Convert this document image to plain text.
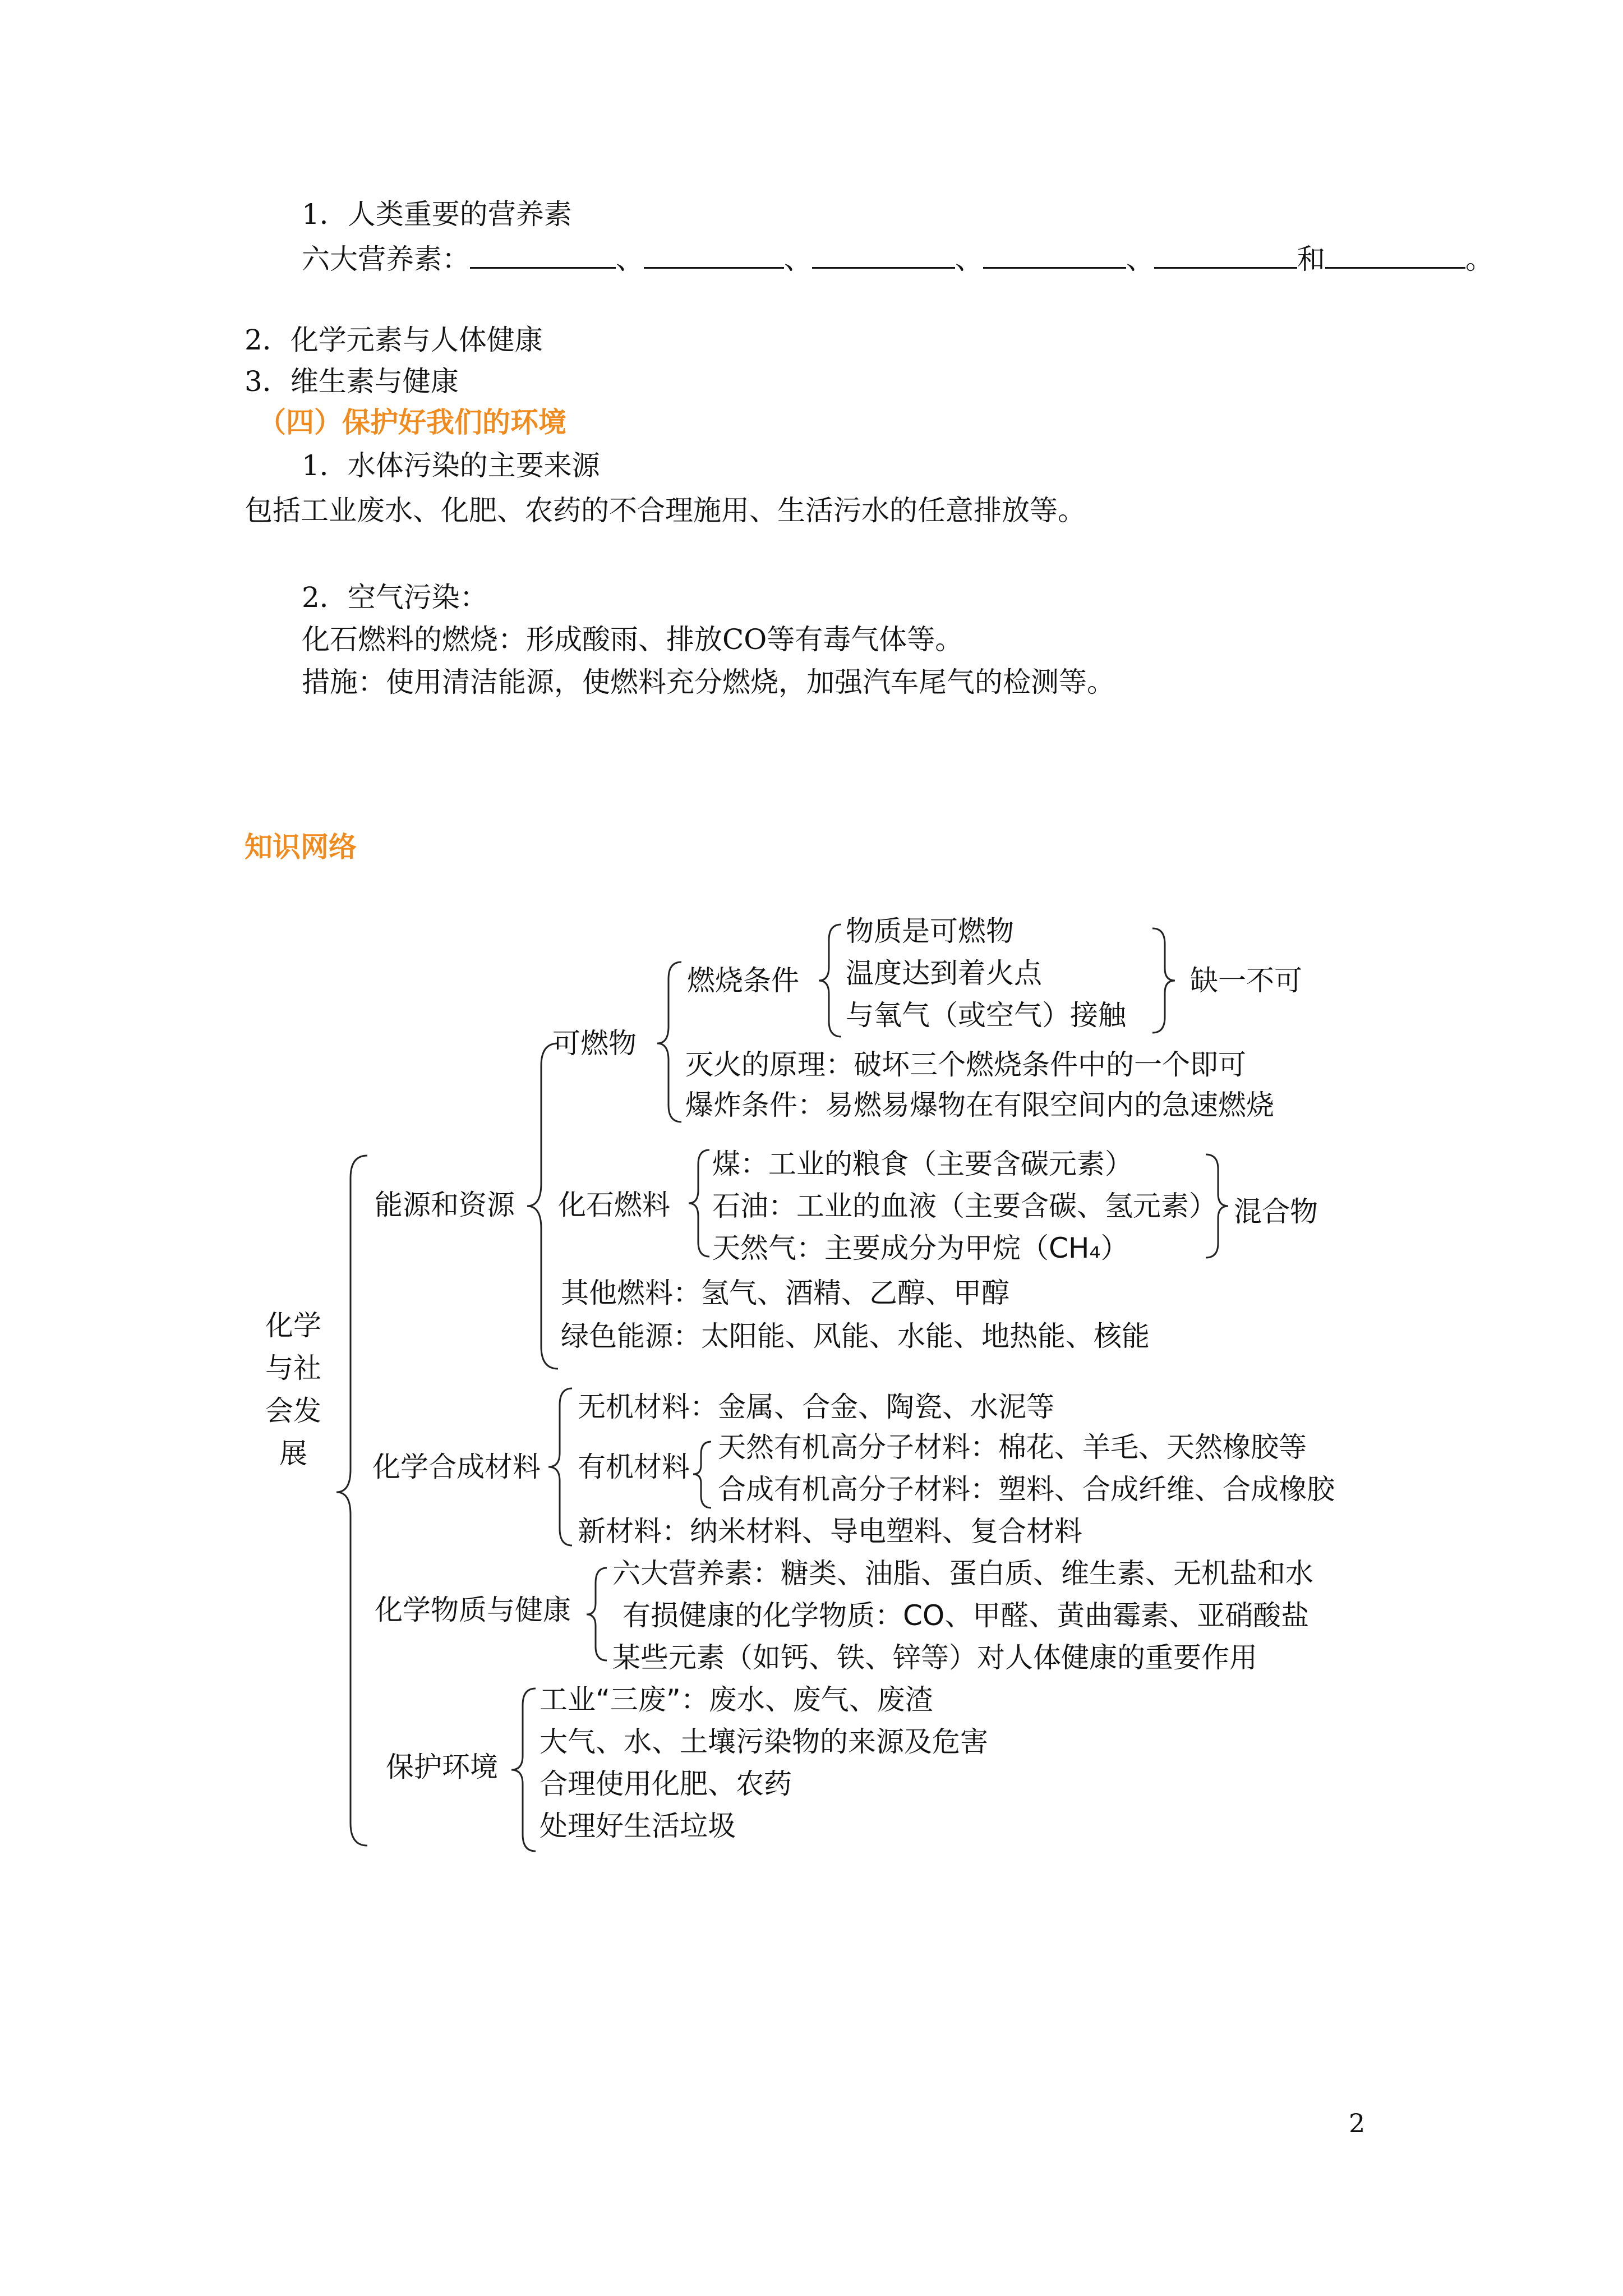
1．人类重要的营养素
六大营养素：	、	、	、	、	和	。
2．化学元素与人体健康
3．维生素与健康
（四）保护好我们的环境
1．水体污染的主要来源
包括工业废水、化肥、农药的不合理施用、生活污水的任意排放等。
2．空气污染：
化石燃料的燃烧：形成酸雨、排放CO等有毒气体等。
措施：使用清洁能源，使燃料充分燃烧，加强汽车尾气的检测等。
知识网络
化学与社会发展
能源和资源
可燃物
燃烧条件
物质是可燃物
温度达到着火点
与氧气（或空气）接触
缺一不可
灭火的原理：破坏三个燃烧条件中的一个即可
爆炸条件：易燃易爆物在有限空间内的急速燃烧
化石燃料
煤：工业的粮食（主要含碳元素）
石油：工业的血液（主要含碳、氢元素）
天然气：主要成分为甲烷（CH₄）
混合物
其他燃料：氢气、酒精、乙醇、甲醇
绿色能源：太阳能、风能、水能、地热能、核能
化学合成材料
无机材料：金属、合金、陶瓷、水泥等
有机材料
天然有机高分子材料：棉花、羊毛、天然橡胶等
合成有机高分子材料：塑料、合成纤维、合成橡胶
新材料：纳米材料、导电塑料、复合材料
化学物质与健康
六大营养素：糖类、油脂、蛋白质、维生素、无机盐和水
有损健康的化学物质：CO、甲醛、黄曲霉素、亚硝酸盐
某些元素（如钙、铁、锌等）对人体健康的重要作用
保护环境
工业“三废”：废水、废气、废渣
大气、水、土壤污染物的来源及危害
合理使用化肥、农药
处理好生活垃圾
2
